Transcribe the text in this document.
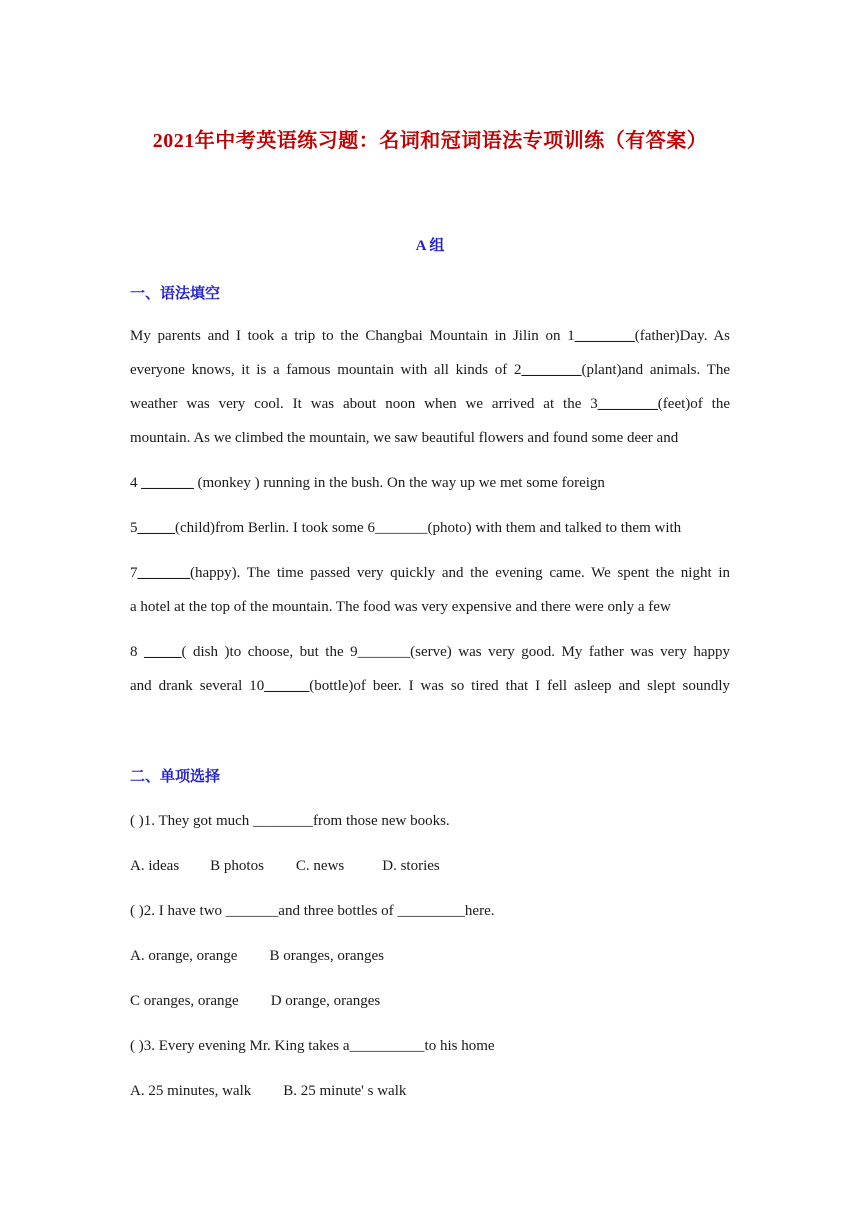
2021年中考英语练习题：名词和冠词语法专项训练（有答案）
A 组
一、语法填空
My parents and I took a trip to the Changbai Mountain in Jilin on 1________(father)Day. As
everyone knows, it is a famous mountain with all kinds of 2________(plant)and animals. The
weather was very cool. It was about noon when we arrived at the 3________(feet)of the
mountain. As we climbed the mountain, we saw beautiful flowers and found some deer and
4 _______ (monkey ) running in the bush. On the way up we met some foreign
5_____(child)from Berlin. I took some 6_______(photo) with them and talked to them with
7_______(happy). The time passed very quickly and the evening came. We spent the night in
a hotel at the top of the mountain. The food was very expensive and there were only a few
8 _____( dish )to choose, but the 9_______(serve) was very good. My father was very happy
and drank several 10______(bottle)of beer. I was so tired that I fell asleep and slept soundly
二、单项选择
( )1. They got much ________from those new books.
A. ideas B photos C. news	D. stories
( )2. I have two _______and three bottles of _________here.
A. orange, orange B oranges, oranges
C oranges, orange D orange, oranges
( )3. Every evening Mr. King takes a__________to his home
A. 25 minutes, walk B. 25 minute' s walk
